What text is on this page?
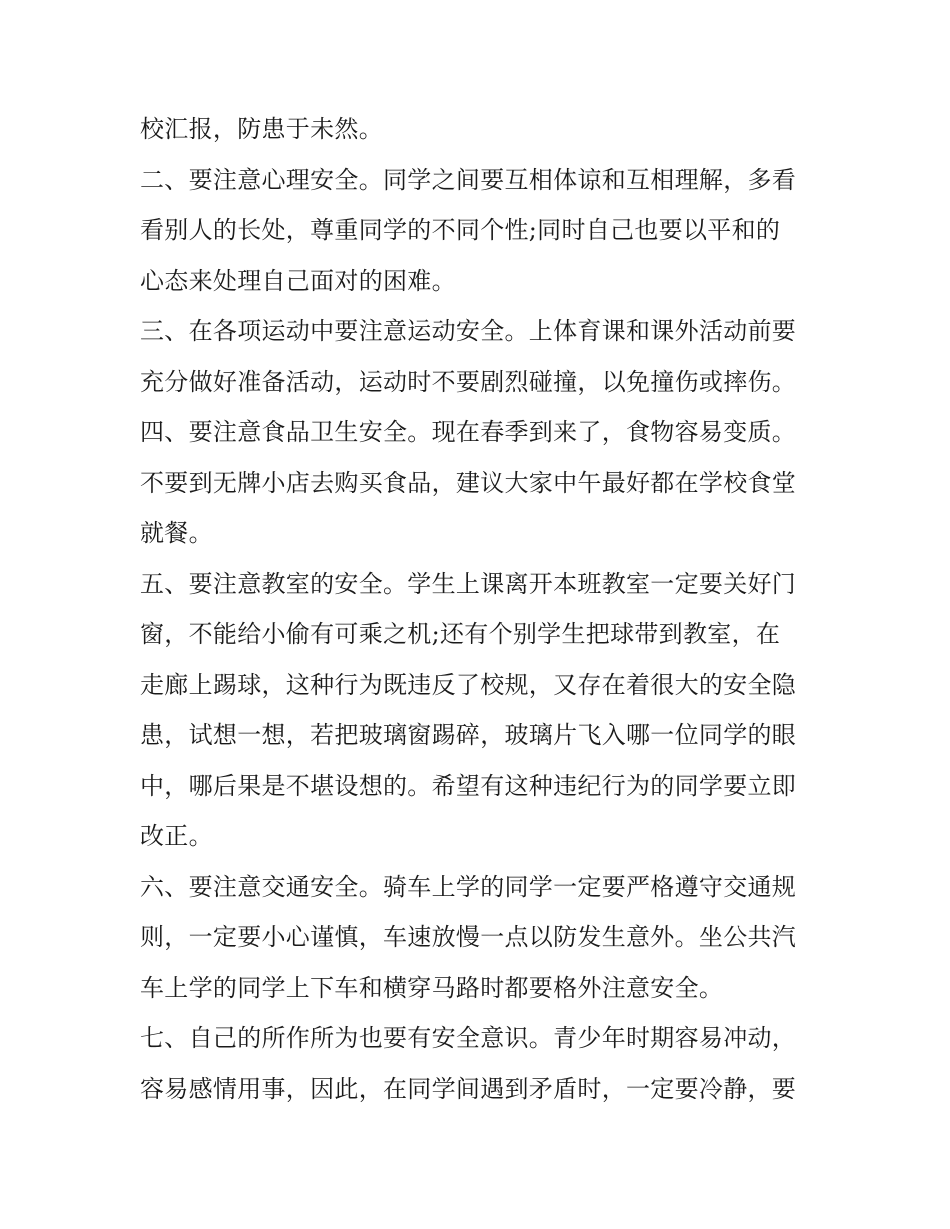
校汇报，防患于未然。
二、要注意心理安全。同学之间要互相体谅和互相理解，多看
看别人的长处，尊重同学的不同个性;同时自己也要以平和的
心态来处理自己面对的困难。
三、在各项运动中要注意运动安全。上体育课和课外活动前要
充分做好准备活动，运动时不要剧烈碰撞，以免撞伤或摔伤。
四、要注意食品卫生安全。现在春季到来了，食物容易变质。
不要到无牌小店去购买食品，建议大家中午最好都在学校食堂
就餐。
五、要注意教室的安全。学生上课离开本班教室一定要关好门
窗，不能给小偷有可乘之机;还有个别学生把球带到教室，在
走廊上踢球，这种行为既违反了校规，又存在着很大的安全隐
患，试想一想，若把玻璃窗踢碎，玻璃片飞入哪一位同学的眼
中，哪后果是不堪设想的。希望有这种违纪行为的同学要立即
改正。
六、要注意交通安全。骑车上学的同学一定要严格遵守交通规
则，一定要小心谨慎，车速放慢一点以防发生意外。坐公共汽
车上学的同学上下车和横穿马路时都要格外注意安全。
七、自己的所作所为也要有安全意识。青少年时期容易冲动，
容易感情用事，因此，在同学间遇到矛盾时，一定要冷静，要
